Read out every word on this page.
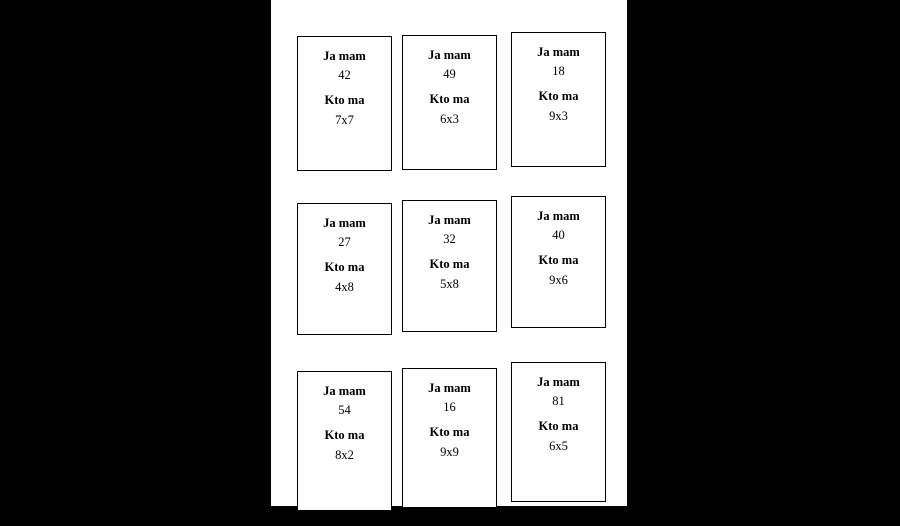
Ja mam
42
Kto ma
7x7
Ja mam
49
Kto ma
6x3
Ja mam
18
Kto ma
9x3
Ja mam
27
Kto ma
4x8
Ja mam
32
Kto ma
5x8
Ja mam
40
Kto ma
9x6
Ja mam
54
Kto ma
8x2
Ja mam
16
Kto ma
9x9
Ja mam
81
Kto ma
6x5
